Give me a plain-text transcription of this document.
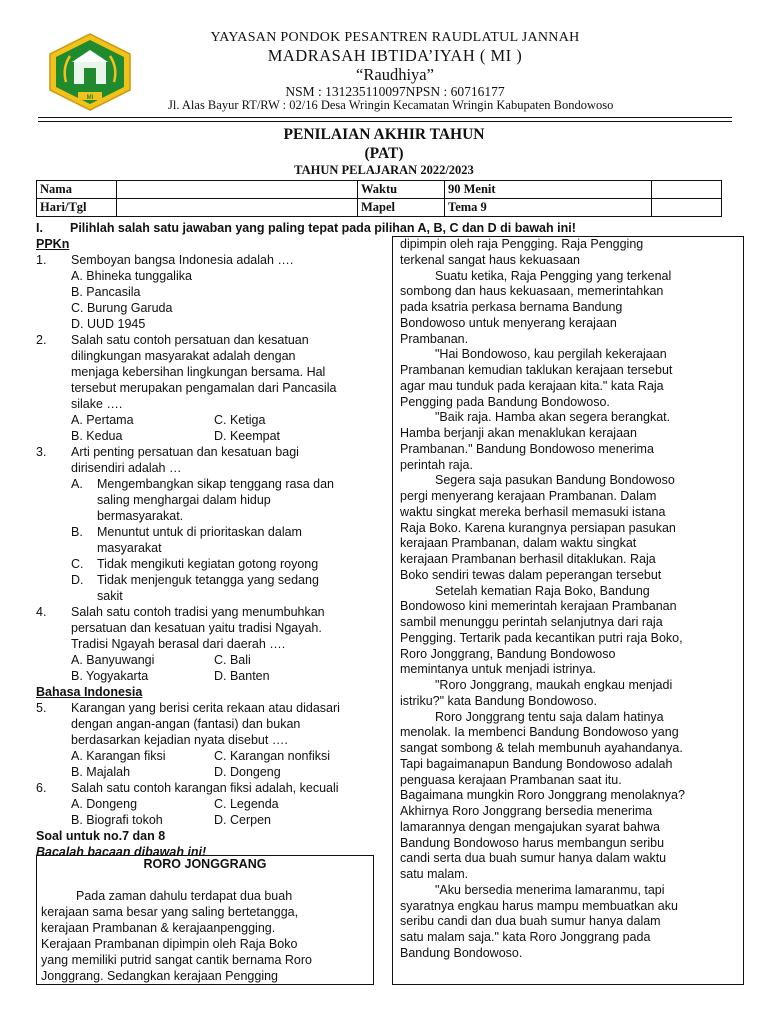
MI
YAYASAN PONDOK PESANTREN RAUDLATUL JANNAH
MADRASAH IBTIDA’IYAH ( MI )
“Raudhiya”
NSM : 131235110097NPSN : 60716177
Jl. Alas Bayur RT/RW : 02/16 Desa Wringin Kecamatan Wringin Kabupaten Bondowoso
PENILAIAN AKHIR TAHUN
(PAT)
TAHUN PELAJARAN 2022/2023
Nama		Waktu	90 Menit	
Hari/Tgl		Mapel	Tema 9	
I. Pilihlah salah satu jawaban yang paling tepat pada pilihan A, B, C dan D di bawah ini!
PPKn
1. Semboyan bangsa Indonesia adalah ….
A. Bhineka tunggalika
B. Pancasila
C. Burung Garuda
D. UUD 1945
2. Salah satu contoh persatuan dan kesatuan
dilingkungan masyarakat adalah dengan
menjaga kebersihan lingkungan bersama. Hal
tersebut merupakan pengamalan dari Pancasila
silake ….
A. Pertama	C. Ketiga
B. Kedua	D. Keempat
3. Arti penting persatuan dan kesatuan bagi
dirisendiri adalah …
A. Mengembangkan sikap tenggang rasa dan
saling menghargai dalam hidup
bermasyarakat.
B. Menuntut untuk di prioritaskan dalam
masyarakat
C. Tidak mengikuti kegiatan gotong royong
D. Tidak menjenguk tetangga yang sedang
sakit
4. Salah satu contoh tradisi yang menumbuhkan
persatuan dan kesatuan yaitu tradisi Ngayah.
Tradisi Ngayah berasal dari daerah ….
A. Banyuwangi	C. Bali
B. Yogyakarta	D. Banten
Bahasa Indonesia
5. Karangan yang berisi cerita rekaan atau didasari
dengan angan-angan (fantasi) dan bukan
berdasarkan kejadian nyata disebut ….
A. Karangan fiksi	C. Karangan nonfiksi
B. Majalah	D. Dongeng
6. Salah satu contoh karangan fiksi adalah, kecuali
A. Dongeng	C. Legenda
B. Biografi tokoh	D. Cerpen
Soal untuk no.7 dan 8
Bacalah bacaan dibawah ini!
RORO JONGGRANG
Pada zaman dahulu terdapat dua buah
kerajaan sama besar yang saling bertetangga,
kerajaan Prambanan & kerajaanpengging.
Kerajaan Prambanan dipimpin oleh Raja Boko
yang memiliki putrid sangat cantik bernama Roro
Jonggrang. Sedangkan kerajaan Pengging
dipimpin oleh raja Pengging. Raja Pengging
terkenal sangat haus kekuasaan
Suatu ketika, Raja Pengging yang terkenal
sombong dan haus kekuasaan, memerintahkan
pada ksatria perkasa bernama Bandung
Bondowoso untuk menyerang kerajaan
Prambanan.
"Hai Bondowoso, kau pergilah kekerajaan
Prambanan kemudian taklukan kerajaan tersebut
agar mau tunduk pada kerajaan kita." kata Raja
Pengging pada Bandung Bondowoso.
"Baik raja. Hamba akan segera berangkat.
Hamba berjanji akan menaklukan kerajaan
Prambanan." Bandung Bondowoso menerima
perintah raja.
Segera saja pasukan Bandung Bondowoso
pergi menyerang kerajaan Prambanan. Dalam
waktu singkat mereka berhasil memasuki istana
Raja Boko. Karena kurangnya persiapan pasukan
kerajaan Prambanan, dalam waktu singkat
kerajaan Prambanan berhasil ditaklukan. Raja
Boko sendiri tewas dalam peperangan tersebut
Setelah kematian Raja Boko, Bandung
Bondowoso kini memerintah kerajaan Prambanan
sambil menunggu perintah selanjutnya dari raja
Pengging. Tertarik pada kecantikan putri raja Boko,
Roro Jonggrang, Bandung Bondowoso
memintanya untuk menjadi istrinya.
"Roro Jonggrang, maukah engkau menjadi
istriku?" kata Bandung Bondowoso.
Roro Jonggrang tentu saja dalam hatinya
menolak. Ia membenci Bandung Bondowoso yang
sangat sombong & telah membunuh ayahandanya.
Tapi bagaimanapun Bandung Bondowoso adalah
penguasa kerajaan Prambanan saat itu.
Bagaimana mungkin Roro Jonggrang menolaknya?
Akhirnya Roro Jonggrang bersedia menerima
lamarannya dengan mengajukan syarat bahwa
Bandung Bondowoso harus membangun seribu
candi serta dua buah sumur hanya dalam waktu
satu malam.
"Aku bersedia menerima lamaranmu, tapi
syaratnya engkau harus mampu membuatkan aku
seribu candi dan dua buah sumur hanya dalam
satu malam saja." kata Roro Jonggrang pada
Bandung Bondowoso.
